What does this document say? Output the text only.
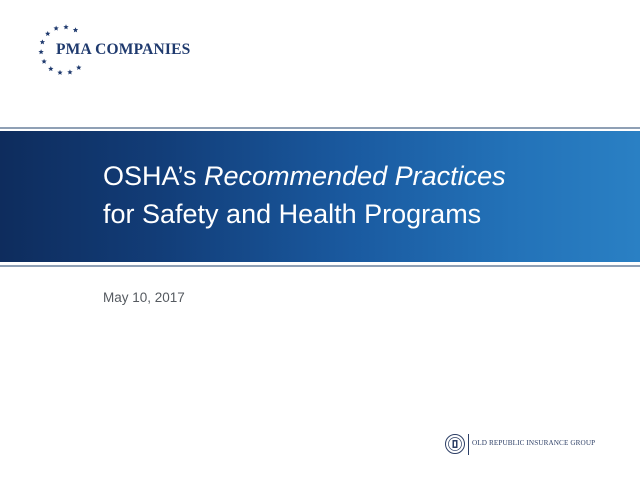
PMA COMPANIES
OSHA’s Recommended Practices
for Safety and Health Programs
May 10, 2017
OLD REPUBLIC INSURANCE GROUP
